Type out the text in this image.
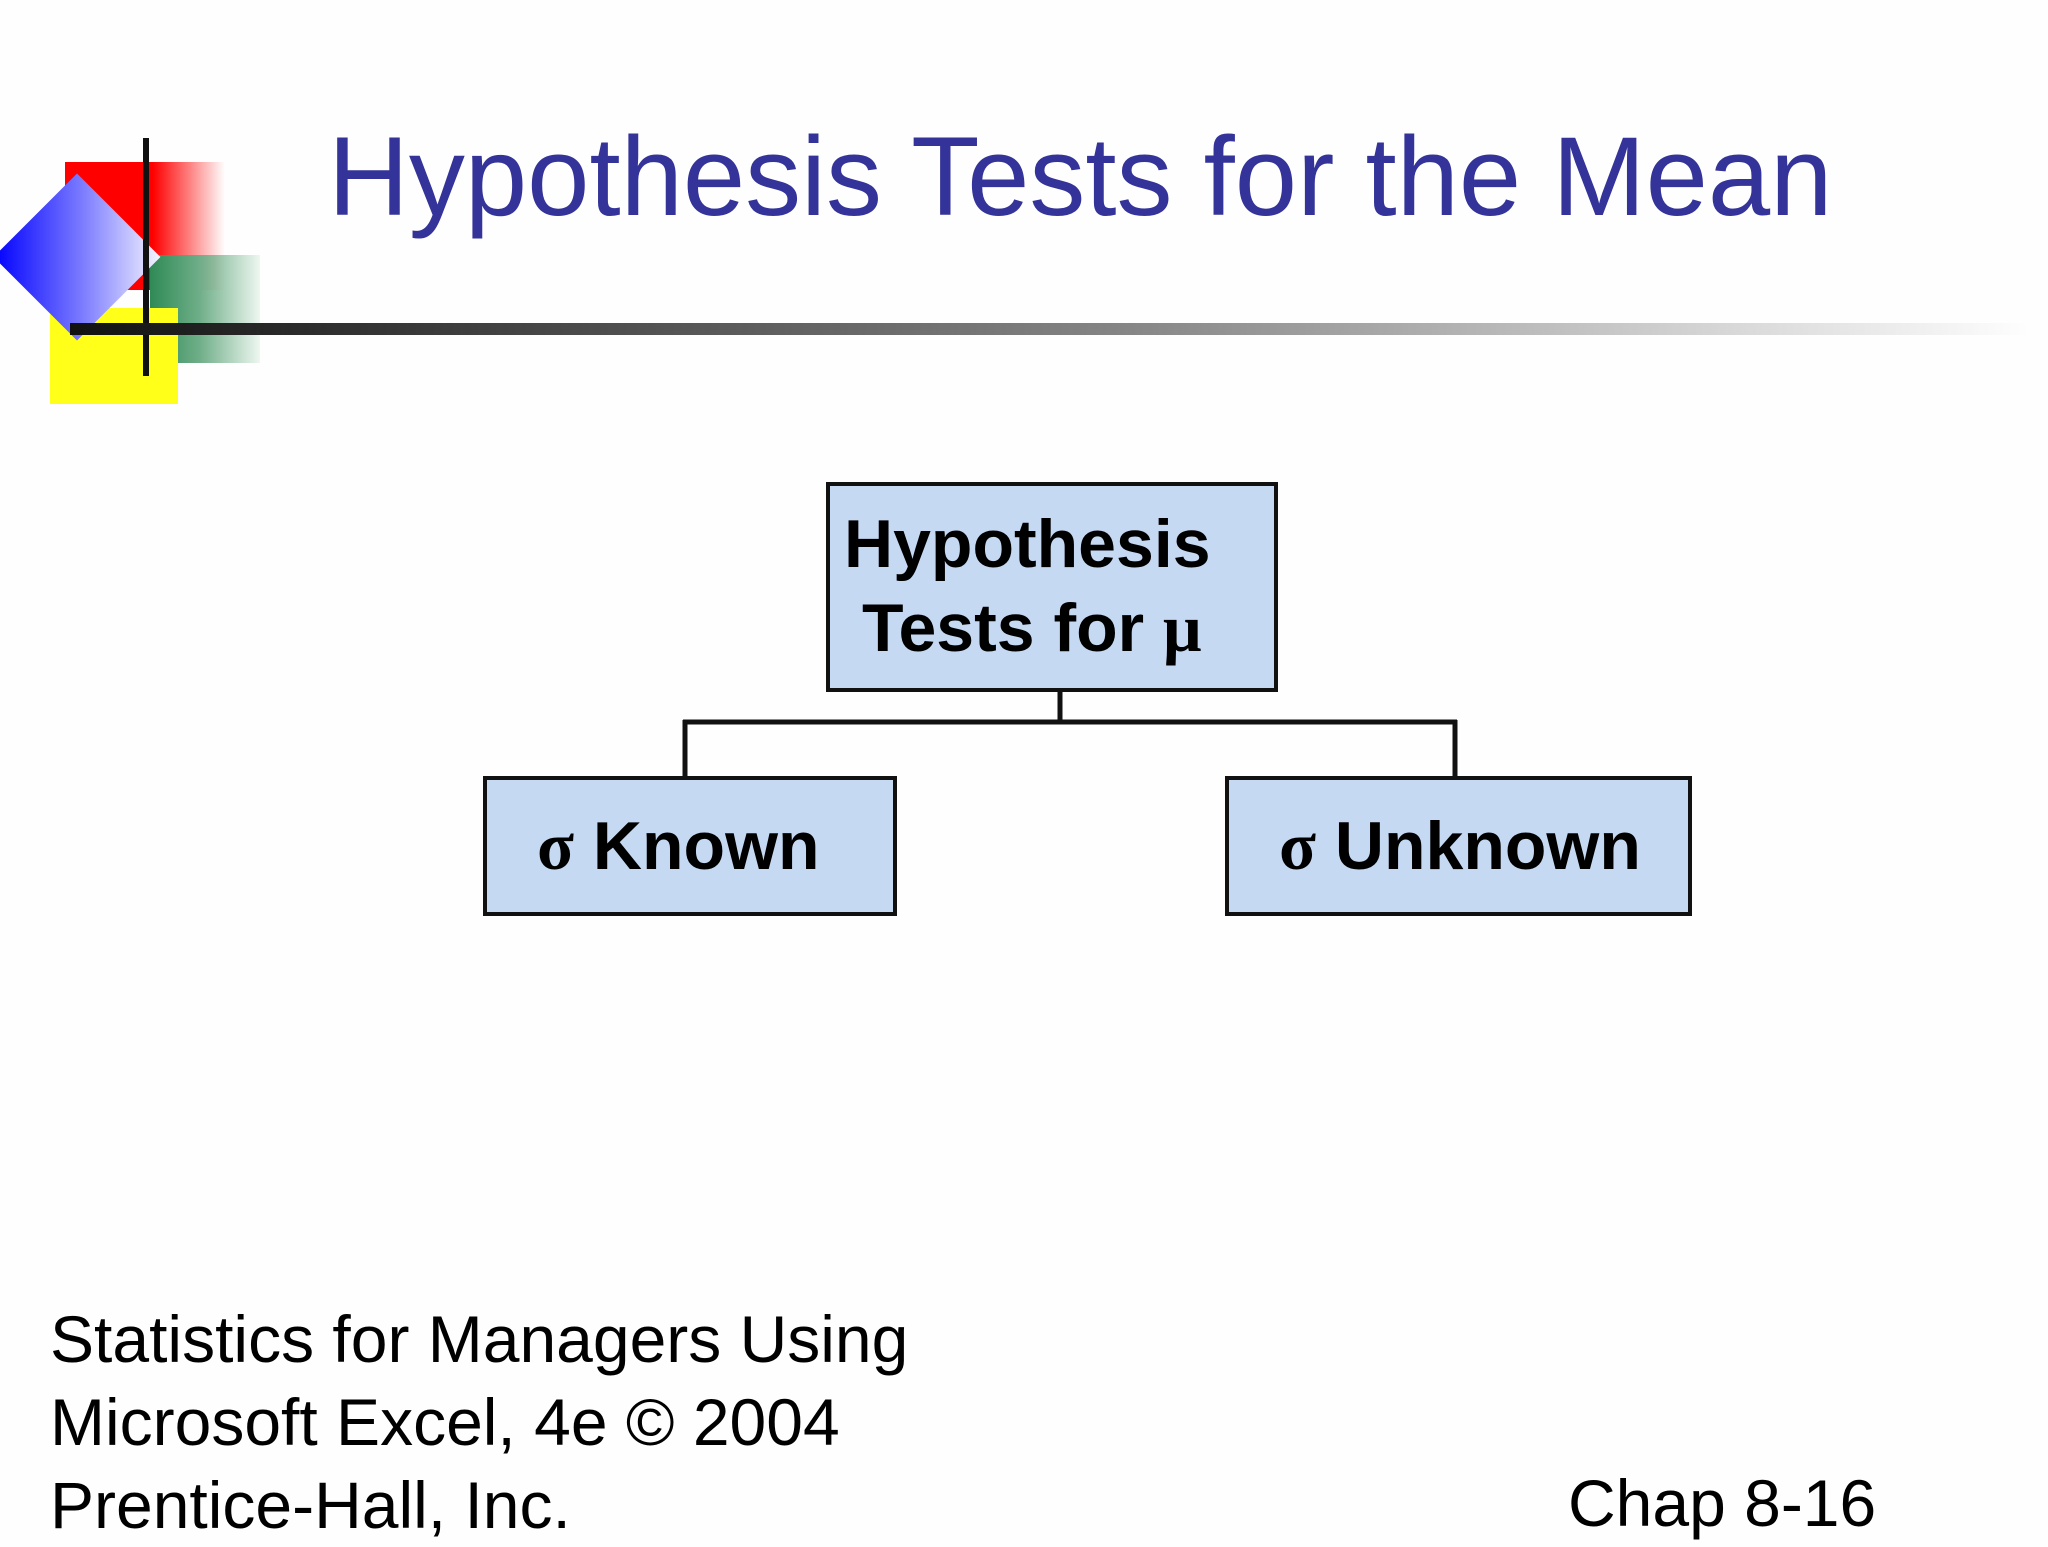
Hypothesis Tests for the Mean
Hypothesis
Tests for μ
σ Known	σ Unknown
Statistics for Managers Using
Microsoft Excel, 4e © 2004
Prentice-Hall, Inc.	Chap 8-16
